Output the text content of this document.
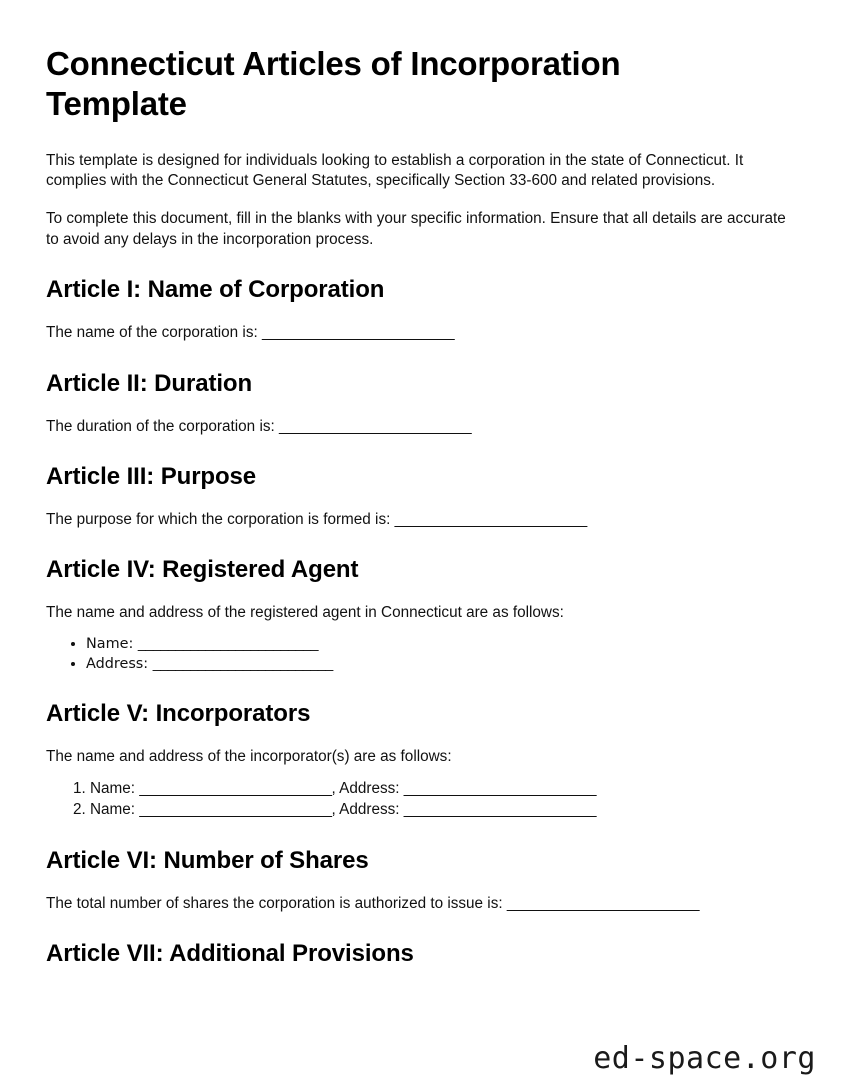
Connecticut Articles of Incorporation Template

This template is designed for individuals looking to establish a corporation in the state of Connecticut. It complies with the Connecticut General Statutes, specifically Section 33-600 and related provisions.

To complete this document, fill in the blanks with your specific information. Ensure that all details are accurate to avoid any delays in the incorporation process.

Article I: Name of Corporation

The name of the corporation is: ________________________

Article II: Duration

The duration of the corporation is: ________________________

Article III: Purpose

The purpose for which the corporation is formed is: ________________________

Article IV: Registered Agent

The name and address of the registered agent in Connecticut are as follows:

• Name: ________________________
• Address: ________________________
Article V: Incorporators

The name and address of the incorporator(s) are as follows:

1. Name: ________________________, Address: ________________________
2. Name: ________________________, Address: ________________________
Article VI: Number of Shares

The total number of shares the corporation is authorized to issue is: ________________________

Article VII: Additional Provisions
ed-space.org
